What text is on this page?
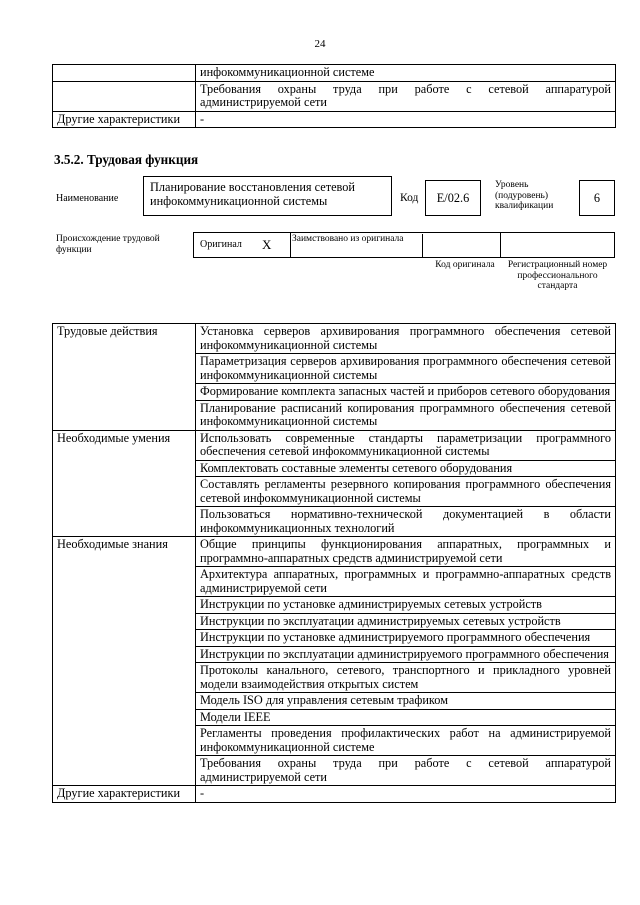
24
	инфокоммуникационной системе
	Требования охраны труда при работе с сетевой аппаратурой администрируемой сети
Другие характеристики	-
3.5.2. Трудовая функция
Наименование
Планирование восстановления сетевой инфокоммуникационной системы	Код	E/02.6
Уровень (подуровень) квалификации
6
Происхождение трудовой функции	Оригинал X Заимствовано из оригинала
Код оригинала	Регистрационный номер профессионального стандарта
Трудовые действия	Установка серверов архивирования программного обеспечения сетевой инфокоммуникационной системы
	Параметризация серверов архивирования программного обеспечения сетевой инфокоммуникационной системы
	Формирование комплекта запасных частей и приборов сетевого оборудования
	Планирование расписаний копирования программного обеспечения сетевой инфокоммуникационной системы
Необходимые умения	Использовать современные стандарты параметризации программного обеспечения сетевой инфокоммуникационной системы
	Комплектовать составные элементы сетевого оборудования
	Составлять регламенты резервного копирования программного обеспечения сетевой инфокоммуникационной системы
	Пользоваться нормативно-технической документацией в области инфокоммуникационных технологий
Необходимые знания	Общие принципы функционирования аппаратных, программных и программно-аппаратных средств администрируемой сети
	Архитектура аппаратных, программных и программно-аппаратных средств администрируемой сети
	Инструкции по установке администрируемых сетевых устройств
	Инструкции по эксплуатации администрируемых сетевых устройств
	Инструкции по установке администрируемого программного обеспечения
	Инструкции по эксплуатации администрируемого программного обеспечения
	Протоколы канального, сетевого, транспортного и прикладного уровней модели взаимодействия открытых систем
	Модель ISO для управления сетевым трафиком
	Модели IEEE
	Регламенты проведения профилактических работ на администрируемой инфокоммуникационной системе
	Требования охраны труда при работе с сетевой аппаратурой администрируемой сети
Другие характеристики	-
